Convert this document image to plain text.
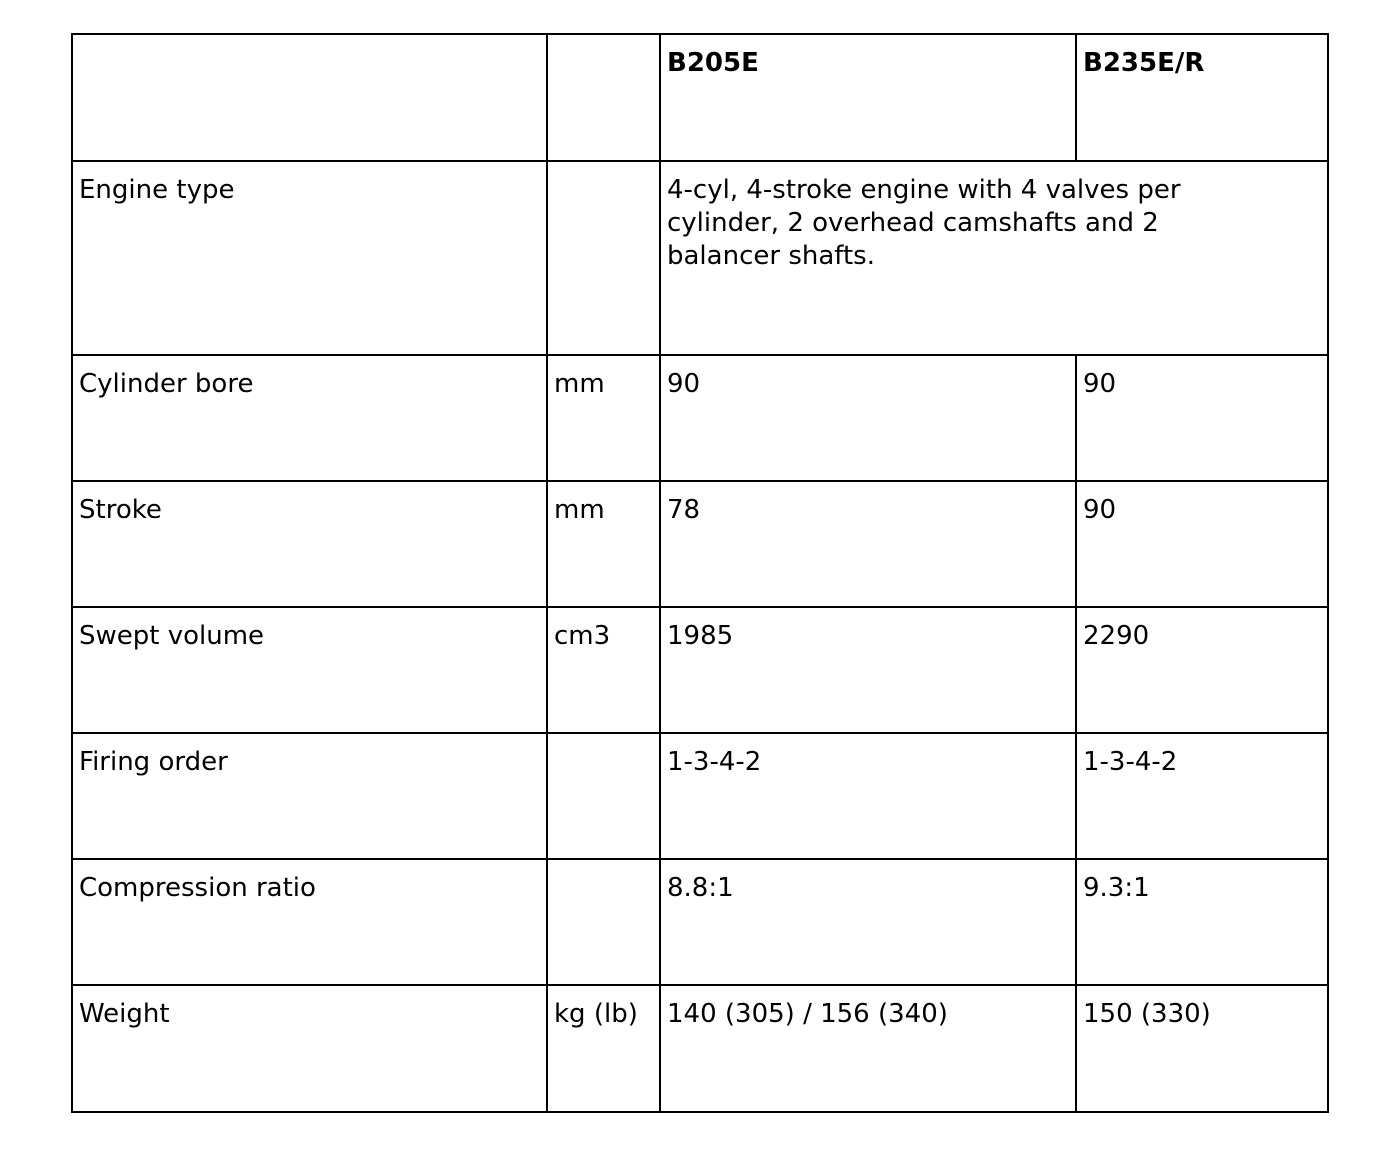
		B205E	B235E/R
Engine type		4-cyl, 4-stroke engine with 4 valves per cylinder, 2 overhead camshafts and 2 balancer shafts.	
Cylinder bore	mm	90	90
Stroke	mm	78	90
Swept volume	cm3	1985	2290
Firing order		1-3-4-2	1-3-4-2
Compression ratio		8.8:1	9.3:1
Weight	kg (lb)	140 (305) / 156 (340)	150 (330)
